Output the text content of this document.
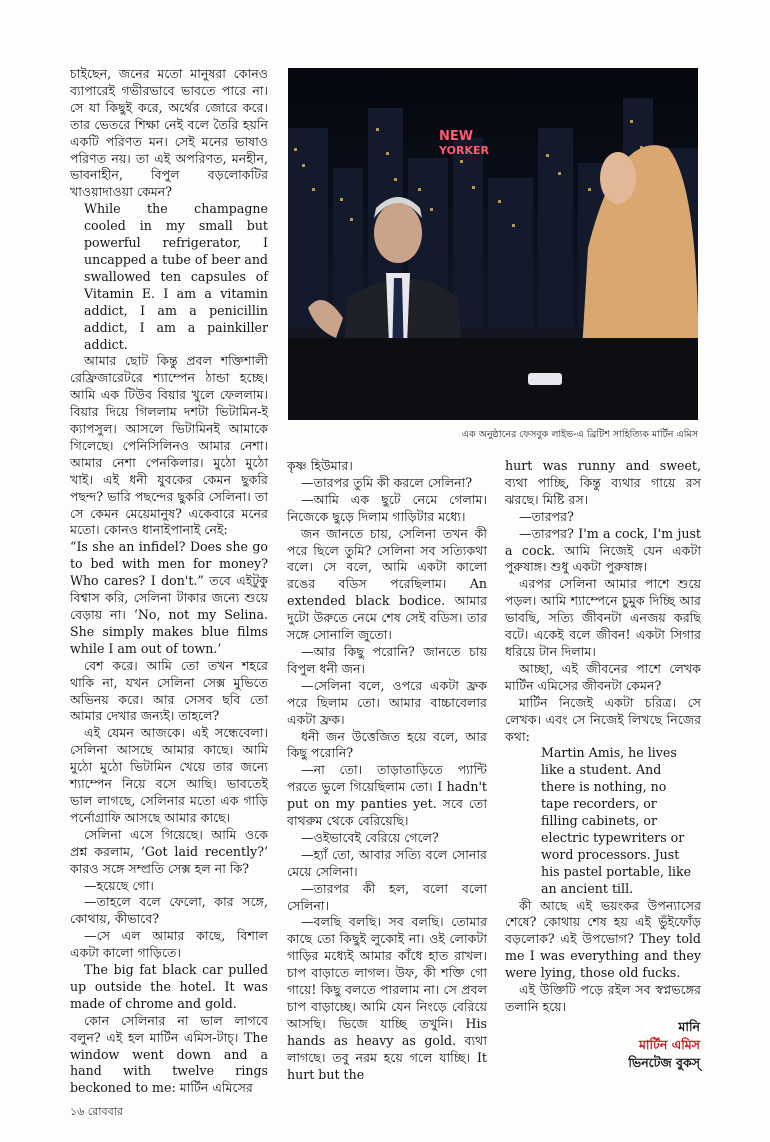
চাইছেন, জনের মতো মানুষরা কোনও ব্যাপারেই গভীরভাবে ভাবতে পারে না। সে যা কিছুই করে, অর্থের জোরে করে। তার ভেতরে শিক্ষা নেই বলে তৈরি হয়নি একটি পরিণত মন। সেই মনের ভাষাও পরিণত নয়। তা এই অপরিণত, মনহীন, ভাবনাহীন, বিপুল বড়লোকটির খাওয়াদাওয়া কেমন?

While the champagne cooled in my small but powerful refrigerator, I uncapped a tube of beer and swallowed ten capsules of Vitamin E. I am a vitamin addict, I am a penicillin addict, I am a painkiller addict.

আমার ছোট কিন্তু প্রবল শক্তিশালী রেফ্রিজারেটরে শ্যাম্পেন ঠান্ডা হচ্ছে। আমি এক টিউব বিয়ার খুলে ফেললাম। বিয়ার দিয়ে গিললাম দশটা ভিটামিন-ই ক্যাপসুল। আসলে ভিটামিনই আমাকে গিলেছে। পেনিসিলিনও আমার নেশা। আমার নেশা পেনকিলার। মুঠো মুঠো খাই। এই ধনী যুবকের কেমন ছুকরি পছন্দ? ভারি পছন্দের ছুকরি সেলিনা। তা সে কেমন মেয়েমানুষ? একেবারে মনের মতো। কোনও ধানাইপানাই নেই:

“Is she an infidel? Does she go to bed with men for money? Who cares? I don't.” তবে এইটুকু বিশ্বাস করি, সেলিনা টাকার জন্যে শুয়ে বেড়ায় না। ‘No, not my Selina. She simply makes blue films while I am out of town.’

বেশ করে। আমি তো তখন শহরে থাকি না, যখন সেলিনা সেক্স মুভিতে অভিনয় করে। আর সেসব ছবি তো আমার দেখার জন্যই। তাহলে?

এই যেমন আজকে। এই সন্ধেবেলা। সেলিনা আসছে আমার কাছে। আমি মুঠো মুঠো ভিটামিন খেয়ে তার জন্যে শ্যাম্পেন নিয়ে বসে আছি। ভাবতেই ভাল লাগছে, সেলিনার মতো এক গাড়ি পর্নোগ্রাফি আসছে আমার কাছে।

সেলিনা এসে গিয়েছে। আমি ওকে প্রশ্ন করলাম, ‘Got laid recently?’ কারও সঙ্গে সম্প্রতি সেক্স হল না কি?

—হয়েছে গো।

—তাহলে বলে ফেলো, কার সঙ্গে, কোথায়, কীভাবে?

—সে এল আমার কাছে, বিশাল একটা কালো গাড়িতে।

The big fat black car pulled up outside the hotel. It was made of chrome and gold.

কোন সেলিনার না ভাল লাগবে বলুন? এই হল মার্টিন এমিস-টাচ্। The window went down and a hand with twelve rings beckoned to me: মার্টিন এমিসের

NEW
YORKER
এক অনুষ্ঠানের ফেসবুক লাইভ-এ ব্রিটিশ সাহিত্যিক মার্টিন এমিস

কৃষ্ণ হিউমার।

—তারপর তুমি কী করলে সেলিনা?

—আমি এক ছুটে নেমে গেলাম। নিজেকে ছুড়ে দিলাম গাড়িটার মধ্যে।

জন জানতে চায়, সেলিনা তখন কী পরে ছিলে তুমি? সেলিনা সব সত্যিকথা বলে। সে বলে, আমি একটা কালো রঙের বডিস পরেছিলাম। An extended black bodice. আমার দুটো উরুতে নেমে শেষ সেই বডিস। তার সঙ্গে সোনালি জুতো।

—আর কিছু পরোনি? জানতে চায় বিপুল ধনী জন।

—সেলিনা বলে, ওপরে একটা ফ্রক পরে ছিলাম তো। আমার বাচ্চাবেলার একটা ফ্রক।

ধনী জন উত্তেজিত হয়ে বলে, আর কিছু পরোনি?

—না তো। তাড়াতাড়িতে প্যান্টি পরতে ভুলে গিয়েছিলাম তো। I hadn't put on my panties yet. সবে তো বাথরুম থেকে বেরিয়েছি।

—ওইভাবেই বেরিয়ে গেলে?

—হ্যাঁ তো, আবার সত্যি বলে সোনার মেয়ে সেলিনা।

—তারপর কী হল, বলো বলো সেলিনা।

—বলছি বলছি। সব বলছি। তোমার কাছে তো কিছুই লুকোই না। ওই লোকটা গাড়ির মধ্যেই আমার কাঁধে হাত রাখল। চাপ বাড়াতে লাগল। উফ, কী শক্তি গো গায়ে! কিছু বলতে পারলাম না। সে প্রবল চাপ বাড়াচ্ছে। আমি যেন নিংড়ে বেরিয়ে আসছি। ভিজে যাচ্ছি তখুনি। His hands as heavy as gold. ব্যথা লাগছে। তবু নরম হয়ে গলে যাচ্ছি। It hurt but the

hurt was runny and sweet, ব্যথা পাচ্ছি, কিন্তু ব্যথার গায়ে রস ঝরছে। মিষ্টি রস।

—তারপর?

—তারপর? I'm a cock, I'm just a cock. আমি নিজেই যেন একটা পুরুষাঙ্গ। শুধু একটা পুরুষাঙ্গ।

এরপর সেলিনা আমার পাশে শুয়ে পড়ল। আমি শ্যাম্পেনে চুমুক দিচ্ছি আর ভাবছি, সত্যি জীবনটা এনজয় করছি বটে। একেই বলে জীবন! একটা সিগার ধরিয়ে টান দিলাম।

আচ্ছা, এই জীবনের পাশে লেখক মার্টিন এমিসের জীবনটা কেমন?

মার্টিন নিজেই একটা চরিত্র। সে লেখক। এবং সে নিজেই লিখছে নিজের কথা:

Martin Amis, he lives like a student. And there is nothing, no tape recorders, or filling cabinets, or electric typewriters or word processors. Just his pastel portable, like an ancient till.

কী আছে এই ভয়ংকর উপন্যাসের শেষে? কোথায় শেষ হয় এই ভুঁইফোঁড় বড়লোক? এই উপভোগ? They told me I was everything and they were lying, those old fucks.

এই উক্তিটি পড়ে রইল সব স্বপ্নভঙ্গের তলানি হয়ে।

মানি
মার্টিন এমিস
ভিনটেজ বুকস্
১৬ রোববার
